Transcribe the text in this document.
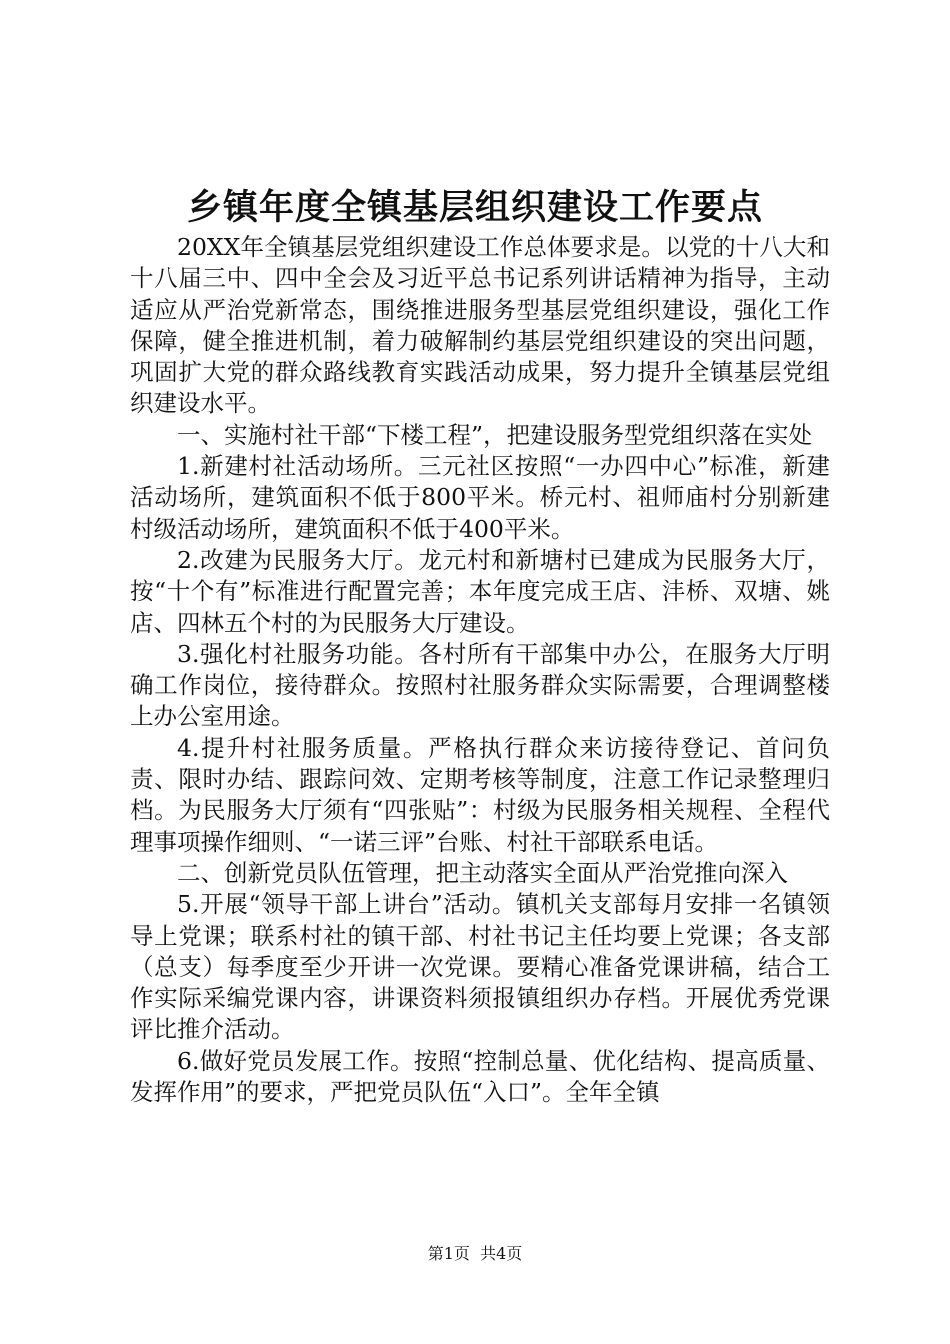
乡镇年度全镇基层组织建设工作要点

20XX年全镇基层党组织建设工作总体要求是。以党的十八大和十八届三中、四中全会及习近平总书记系列讲话精神为指导，主动适应从严治党新常态，围绕推进服务型基层党组织建设，强化工作保障，健全推进机制，着力破解制约基层党组织建设的突出问题，巩固扩大党的群众路线教育实践活动成果，努力提升全镇基层党组织建设水平。

一、实施村社干部“下楼工程”，把建设服务型党组织落在实处

1.新建村社活动场所。三元社区按照“一办四中心”标准，新建活动场所，建筑面积不低于800平米。桥元村、祖师庙村分别新建村级活动场所，建筑面积不低于400平米。

2.改建为民服务大厅。龙元村和新塘村已建成为民服务大厅，按“十个有”标准进行配置完善；本年度完成王店、沣桥、双塘、姚店、四林五个村的为民服务大厅建设。

3.强化村社服务功能。各村所有干部集中办公，在服务大厅明确工作岗位，接待群众。按照村社服务群众实际需要，合理调整楼上办公室用途。

4.提升村社服务质量。严格执行群众来访接待登记、首问负责、限时办结、跟踪问效、定期考核等制度，注意工作记录整理归档。为民服务大厅须有“四张贴”：村级为民服务相关规程、全程代理事项操作细则、“一诺三评”台账、村社干部联系电话。

二、创新党员队伍管理，把主动落实全面从严治党推向深入

5.开展“领导干部上讲台”活动。镇机关支部每月安排一名镇领导上党课；联系村社的镇干部、村社书记主任均要上党课；各支部（总支）每季度至少开讲一次党课。要精心准备党课讲稿，结合工作实际采编党课内容，讲课资料须报镇组织办存档。开展优秀党课评比推介活动。

6.做好党员发展工作。按照“控制总量、优化结构、提高质量、发挥作用”的要求，严把党员队伍“入口”。全年全镇

第1页  共4页
